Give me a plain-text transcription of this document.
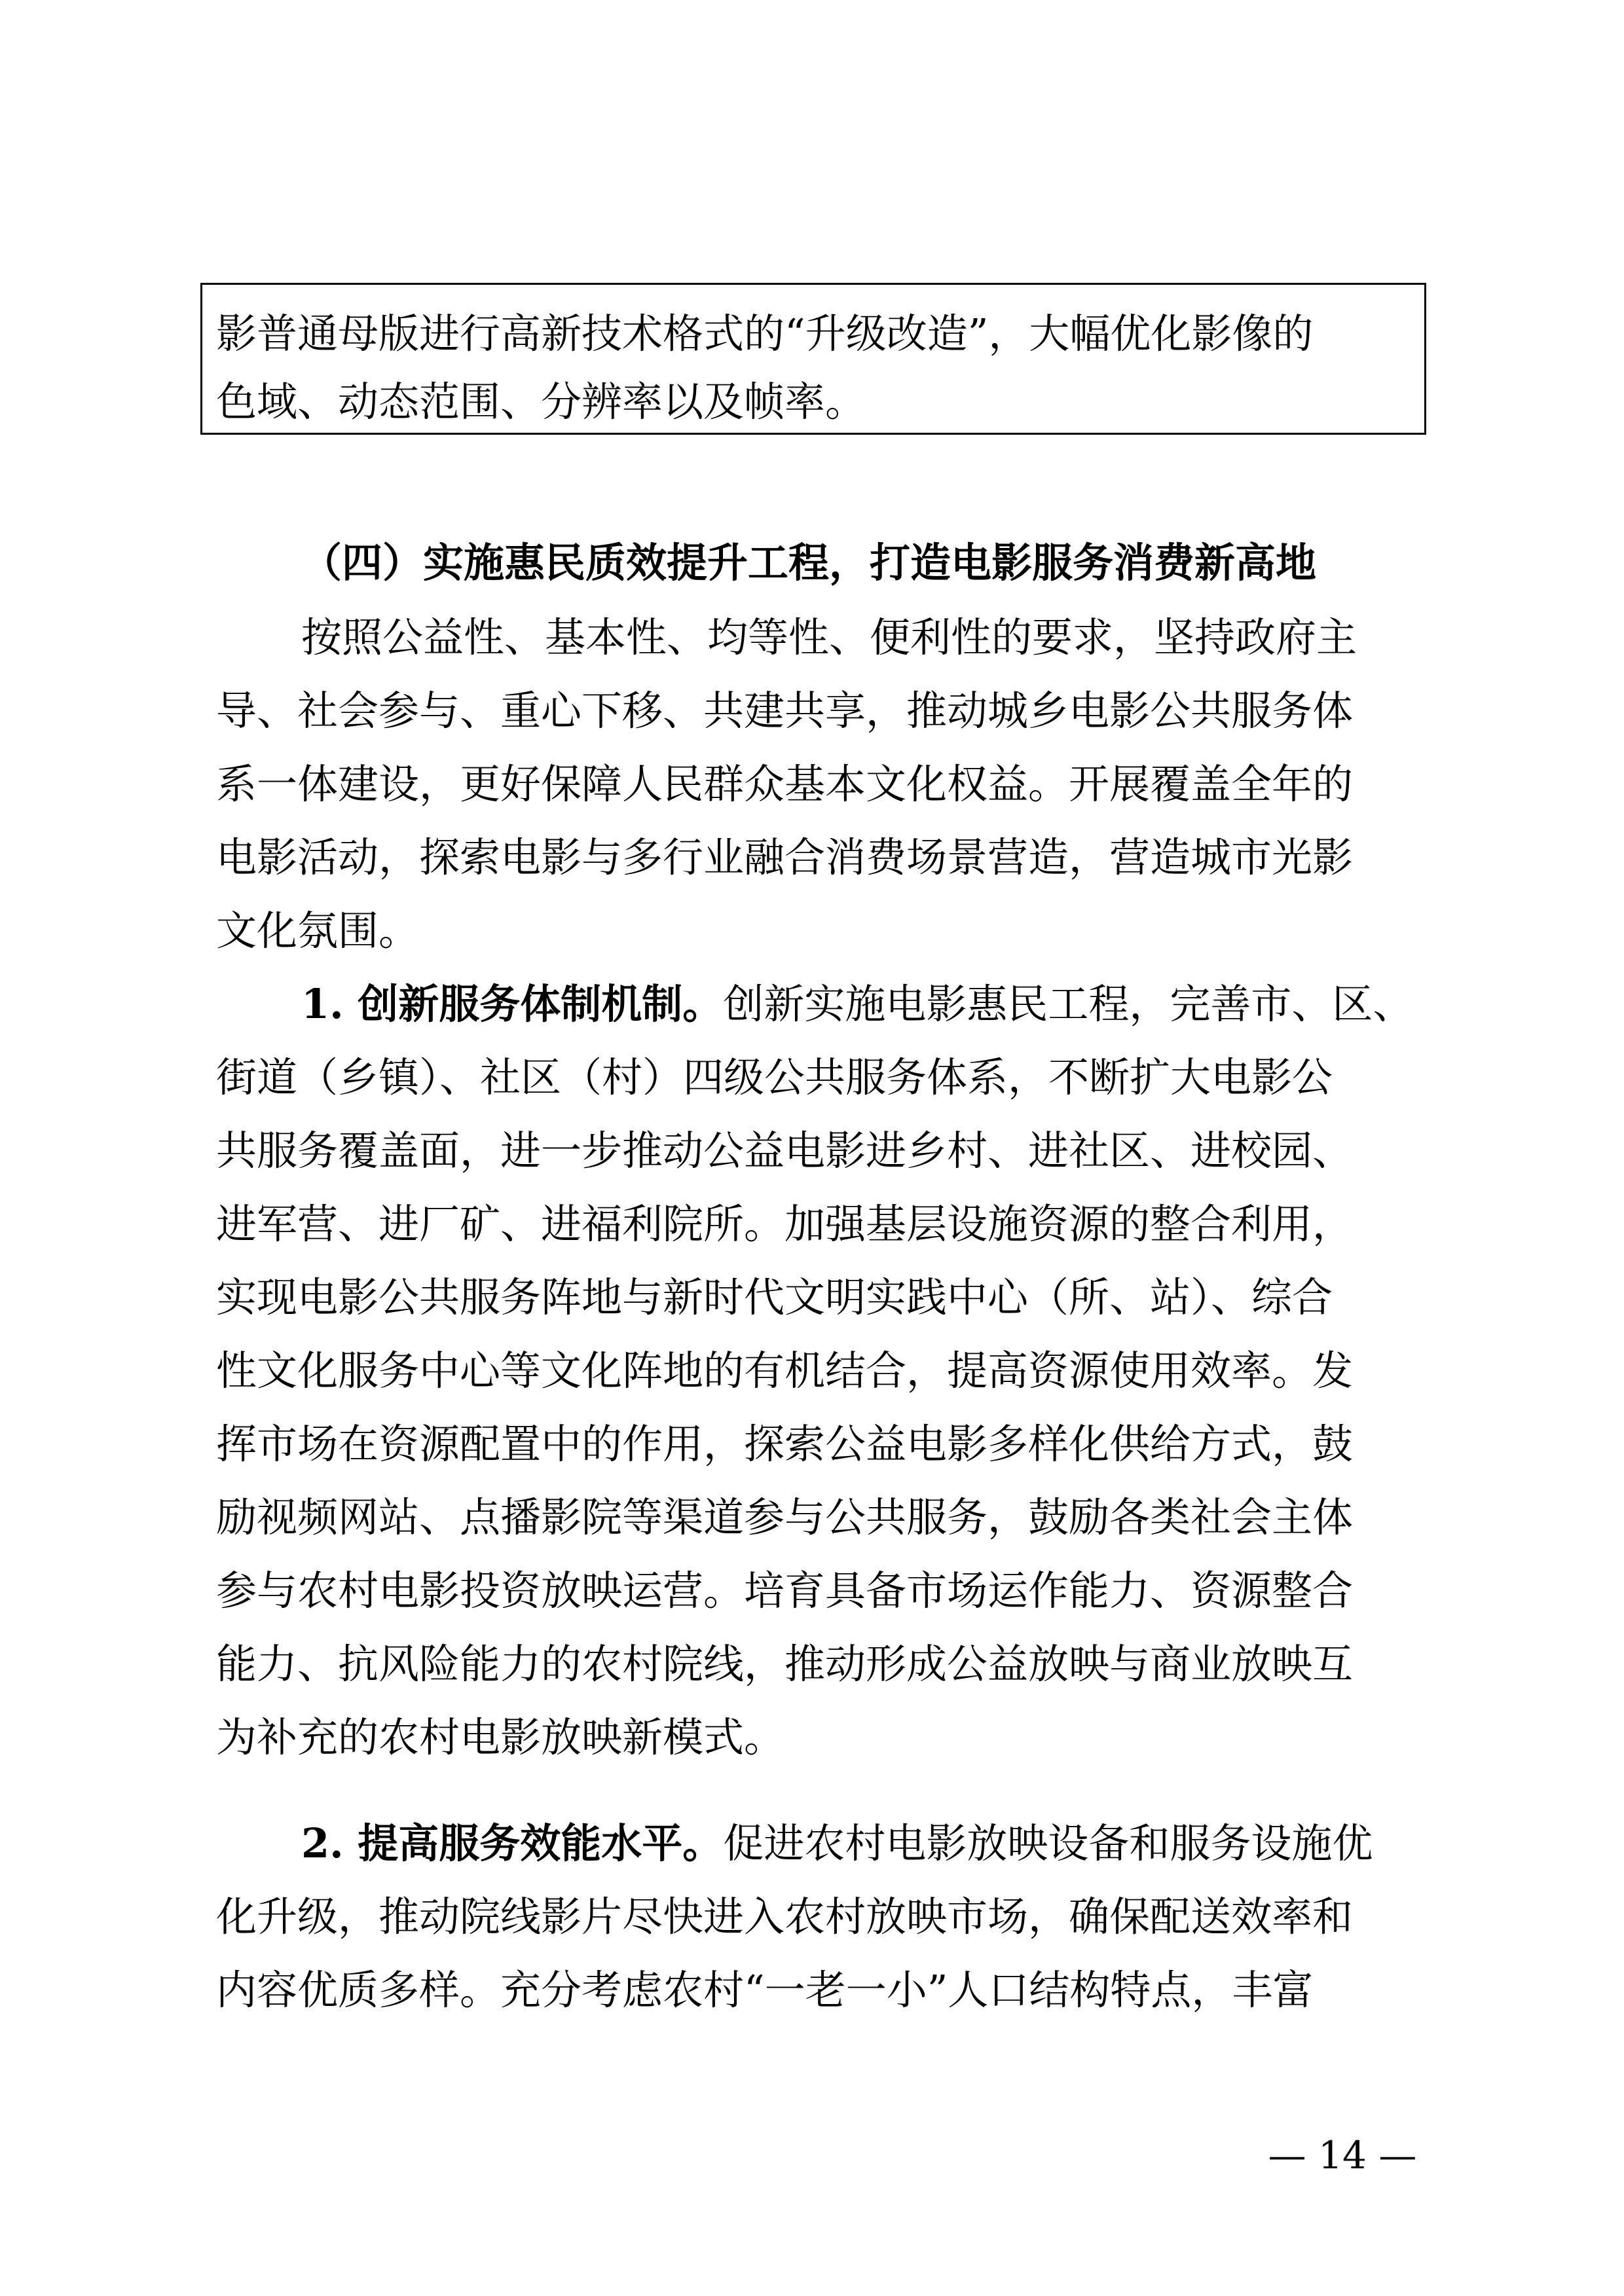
影普通母版进行高新技术格式的“升级改造”，大幅优化影像的
色域、动态范围、分辨率以及帧率。
（四）实施惠民质效提升工程，打造电影服务消费新高地
按照公益性、基本性、均等性、便利性的要求，坚持政府主
导、社会参与、重心下移、共建共享，推动城乡电影公共服务体
系一体建设，更好保障人民群众基本文化权益。开展覆盖全年的
电影活动，探索电影与多行业融合消费场景营造，营造城市光影
文化氛围。
1. 创新服务体制机制。创新实施电影惠民工程，完善市、区、
街道（乡镇）、社区（村）四级公共服务体系，不断扩大电影公
共服务覆盖面，进一步推动公益电影进乡村、进社区、进校园、
进军营、进厂矿、进福利院所。加强基层设施资源的整合利用，
实现电影公共服务阵地与新时代文明实践中心（所、站）、综合
性文化服务中心等文化阵地的有机结合，提高资源使用效率。发
挥市场在资源配置中的作用，探索公益电影多样化供给方式，鼓
励视频网站、点播影院等渠道参与公共服务，鼓励各类社会主体
参与农村电影投资放映运营。培育具备市场运作能力、资源整合
能力、抗风险能力的农村院线，推动形成公益放映与商业放映互
为补充的农村电影放映新模式。
2. 提高服务效能水平。促进农村电影放映设备和服务设施优
化升级，推动院线影片尽快进入农村放映市场，确保配送效率和
内容优质多样。充分考虑农村“一老一小”人口结构特点，丰富
— 14 —
